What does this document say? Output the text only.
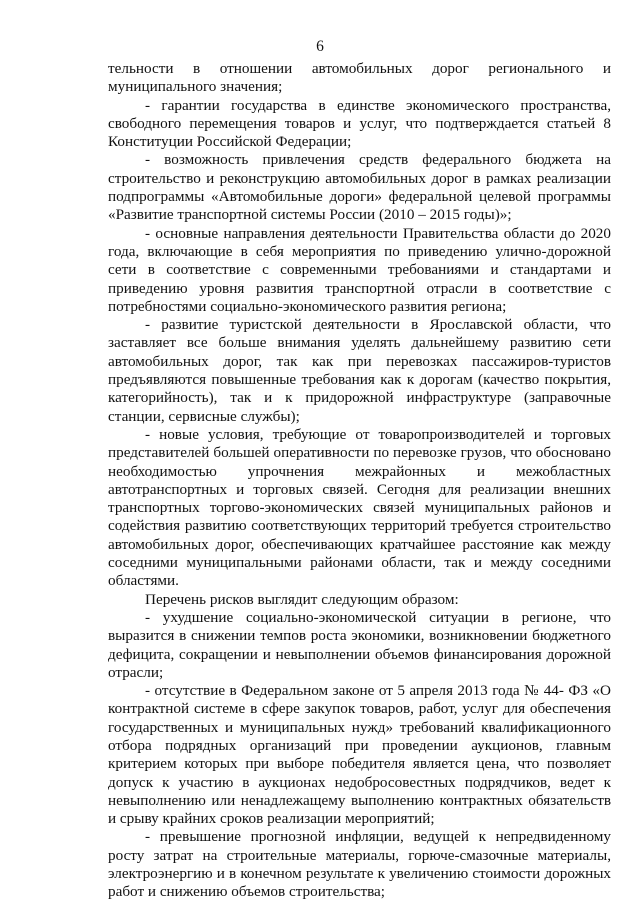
6

тельности в отношении автомобильных дорог регионального и муниципального значения;

- гарантии государства в единстве экономического пространства, свободного перемещения товаров и услуг, что подтверждается статьей 8 Конституции Российской Федерации;

- возможность привлечения средств федерального бюджета на строительство и реконструкцию автомобильных дорог в рамках реализации подпрограммы «Автомобильные дороги» федеральной целевой программы «Развитие транспортной системы России (2010 – 2015 годы)»;

- основные направления деятельности Правительства области до 2020 года, включающие в себя мероприятия по приведению улично-дорожной сети в соответствие с современными требованиями и стандартами и приведению уровня развития транспортной отрасли в соответствие с потребностями социально-экономического развития региона;

- развитие туристской деятельности в Ярославской области, что заставляет все больше внимания уделять дальнейшему развитию сети автомобильных дорог, так как при перевозках пассажиров-туристов предъявляются повышенные требования как к дорогам (качество покрытия, категорийность), так и к придорожной инфраструктуре (заправочные станции, сервисные службы);

- новые условия, требующие от товаропроизводителей и торговых представителей большей оперативности по перевозке грузов, что обосновано необходимостью упрочнения межрайонных и межобластных автотранспортных и торговых связей. Сегодня для реализации внешних транспортных торгово-экономических связей муниципальных районов и содействия развитию соответствующих территорий требуется строительство автомобильных дорог, обеспечивающих кратчайшее расстояние как между соседними муниципальными районами области, так и между соседними областями.

Перечень рисков выглядит следующим образом:

- ухудшение социально-экономической ситуации в регионе, что выразится в снижении темпов роста экономики, возникновении бюджетного дефицита, сокращении и невыполнении объемов финансирования дорожной отрасли;

- отсутствие в Федеральном законе от 5 апреля 2013 года № 44- ФЗ «О контрактной системе в сфере закупок товаров, работ, услуг для обеспечения государственных и муниципальных нужд» требований квалификационного отбора подрядных организаций при проведении аукционов, главным критерием которых при выборе победителя является цена, что позволяет допуск к участию в аукционах недобросовестных подрядчиков, ведет к невыполнению или ненадлежащему выполнению контрактных обязательств и срыву крайних сроков реализации мероприятий;

- превышение прогнозной инфляции, ведущей к непредвиденному росту затрат на строительные материалы, горюче-смазочные материалы, электроэнергию и в конечном результате к увеличению стоимости дорожных работ и снижению объемов строительства;
